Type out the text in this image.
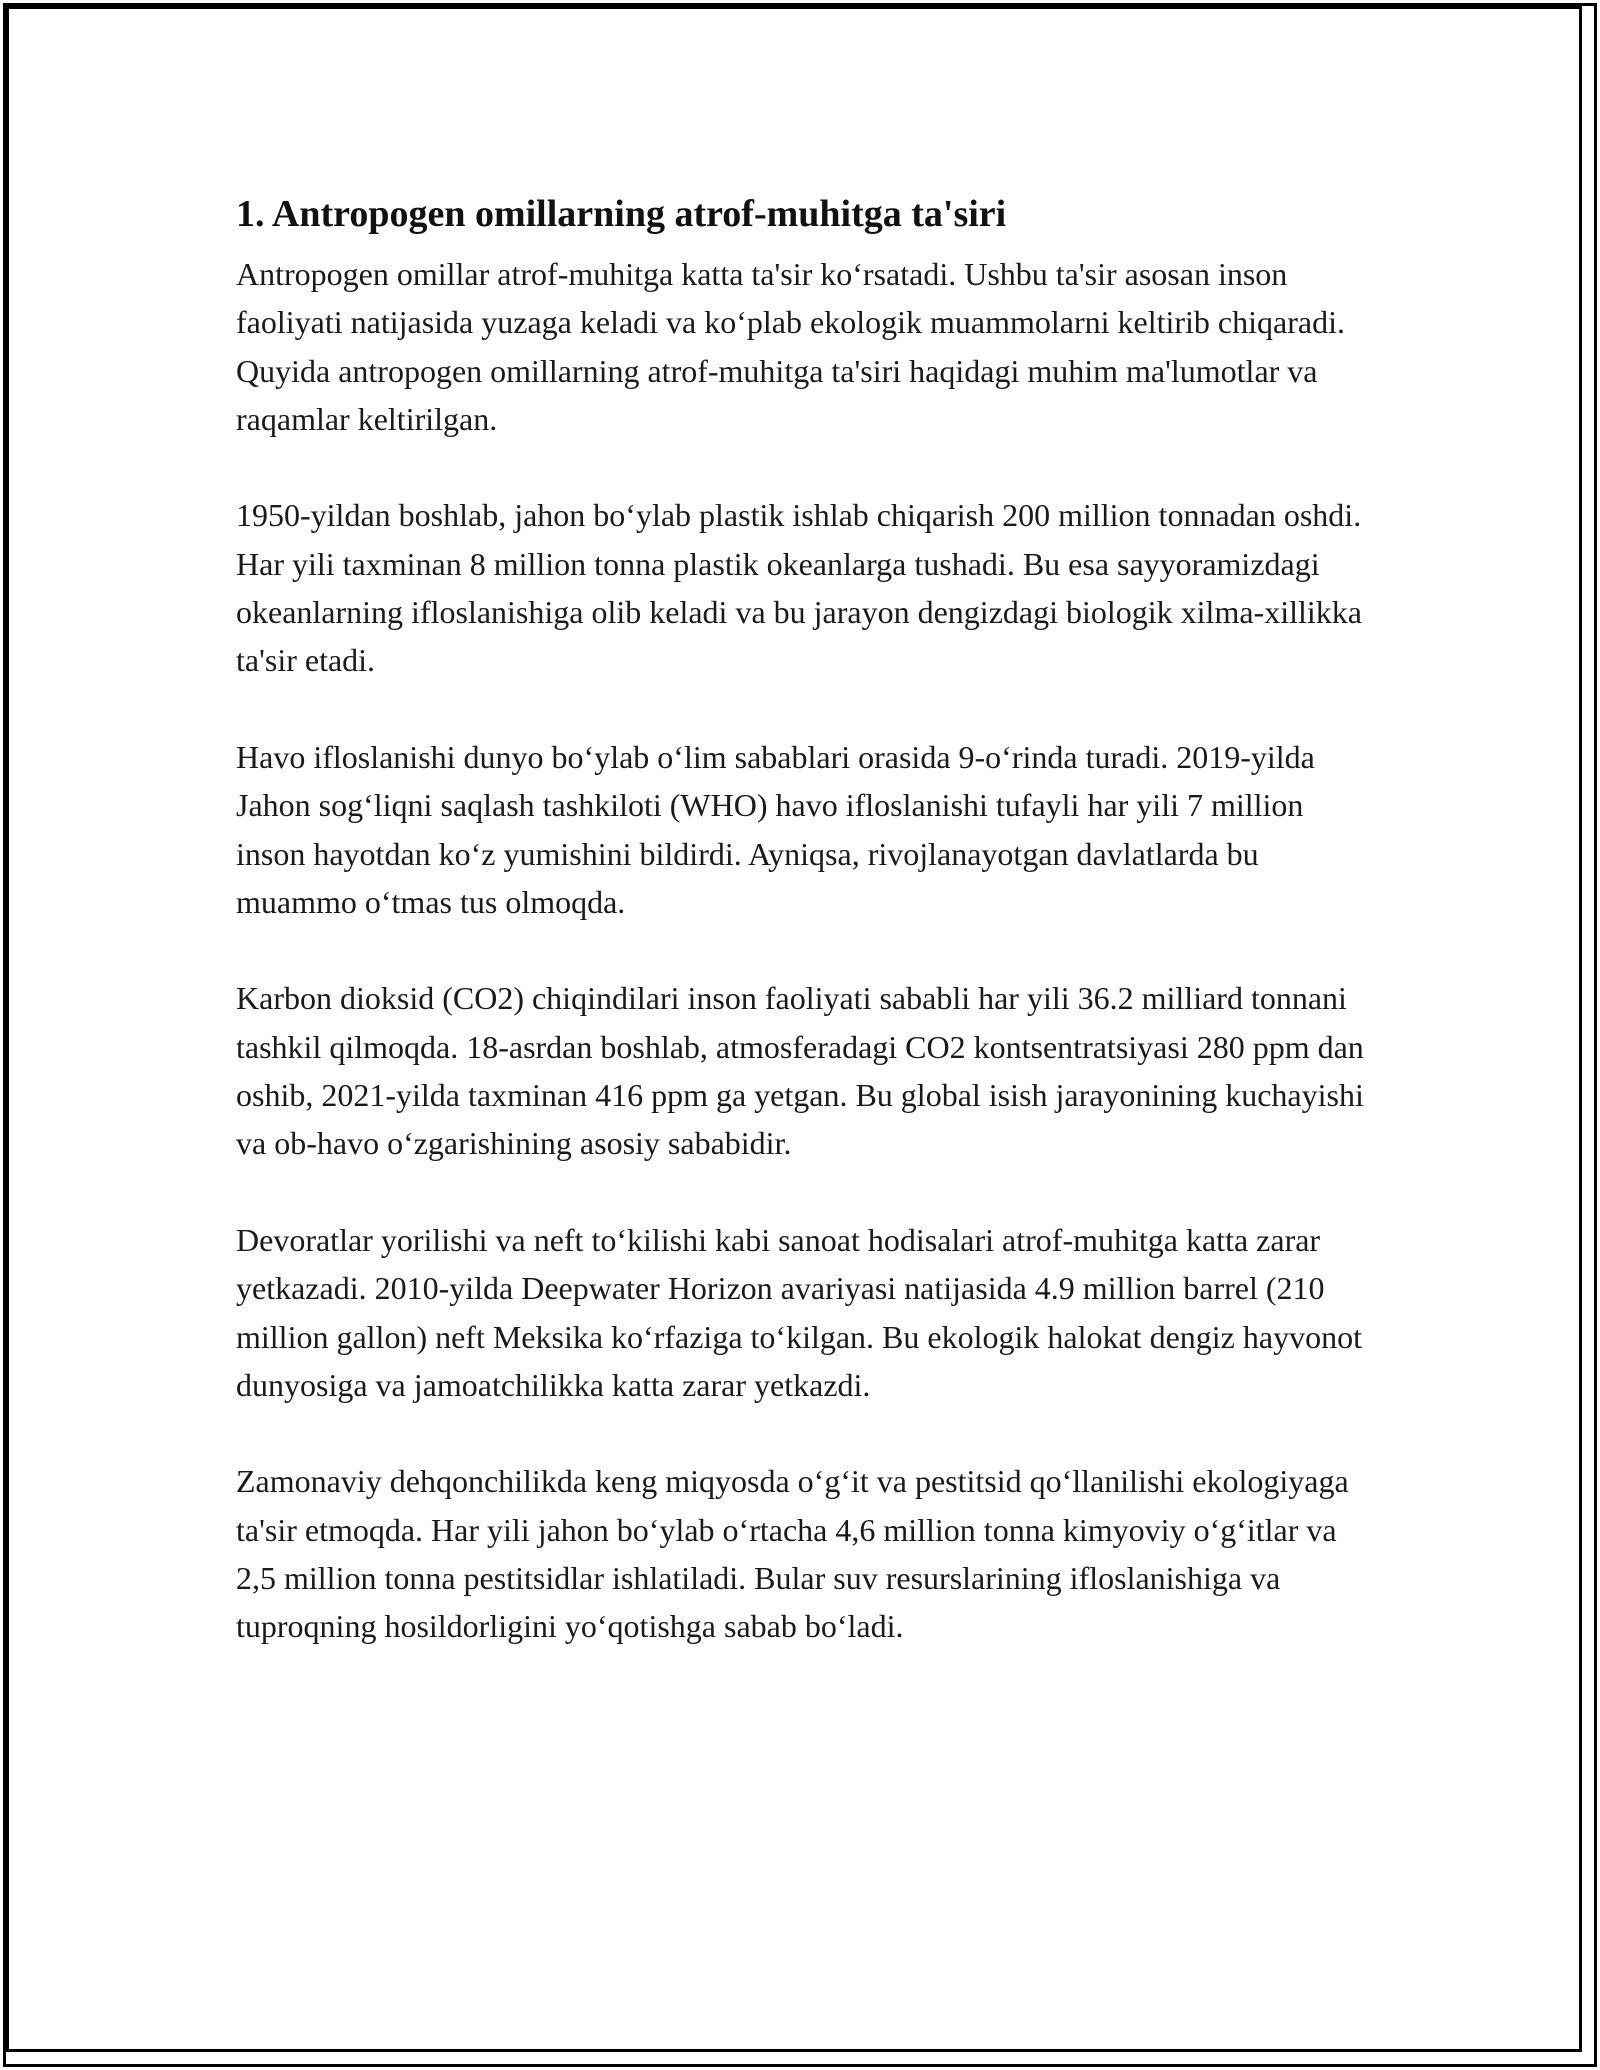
1. Antropogen omillarning atrof-muhitga ta'siri

Antropogen omillar atrof-muhitga katta ta'sir ko‘rsatadi. Ushbu ta'sir asosan inson faoliyati natijasida yuzaga keladi va ko‘plab ekologik muammolarni keltirib chiqaradi. Quyida antropogen omillarning atrof-muhitga ta'siri haqidagi muhim ma'lumotlar va raqamlar keltirilgan.

1950-yildan boshlab, jahon bo‘ylab plastik ishlab chiqarish 200 million tonnadan oshdi. Har yili taxminan 8 million tonna plastik okeanlarga tushadi. Bu esa sayyoramizdagi okeanlarning ifloslanishiga olib keladi va bu jarayon dengizdagi biologik xilma-xillikka ta'sir etadi.

Havo ifloslanishi dunyo bo‘ylab o‘lim sabablari orasida 9-o‘rinda turadi. 2019-yilda Jahon sog‘liqni saqlash tashkiloti (WHO) havo ifloslanishi tufayli har yili 7 million inson hayotdan ko‘z yumishini bildirdi. Ayniqsa, rivojlanayotgan davlatlarda bu muammo o‘tmas tus olmoqda.

Karbon dioksid (CO2) chiqindilari inson faoliyati sababli har yili 36.2 milliard tonnani tashkil qilmoqda. 18-asrdan boshlab, atmosferadagi CO2 kontsentratsiyasi 280 ppm dan oshib, 2021-yilda taxminan 416 ppm ga yetgan. Bu global isish jarayonining kuchayishi va ob-havo o‘zgarishining asosiy sababidir.

Devoratlar yorilishi va neft to‘kilishi kabi sanoat hodisalari atrof-muhitga katta zarar yetkazadi. 2010-yilda Deepwater Horizon avariyasi natijasida 4.9 million barrel (210 million gallon) neft Meksika ko‘rfaziga to‘kilgan. Bu ekologik halokat dengiz hayvonot dunyosiga va jamoatchilikka katta zarar yetkazdi.

Zamonaviy dehqonchilikda keng miqyosda o‘g‘it va pestitsid qo‘llanilishi ekologiyaga ta'sir etmoqda. Har yili jahon bo‘ylab o‘rtacha 4,6 million tonna kimyoviy o‘g‘itlar va 2,5 million tonna pestitsidlar ishlatiladi. Bular suv resurslarining ifloslanishiga va tuproqning hosildorligini yo‘qotishga sabab bo‘ladi.
